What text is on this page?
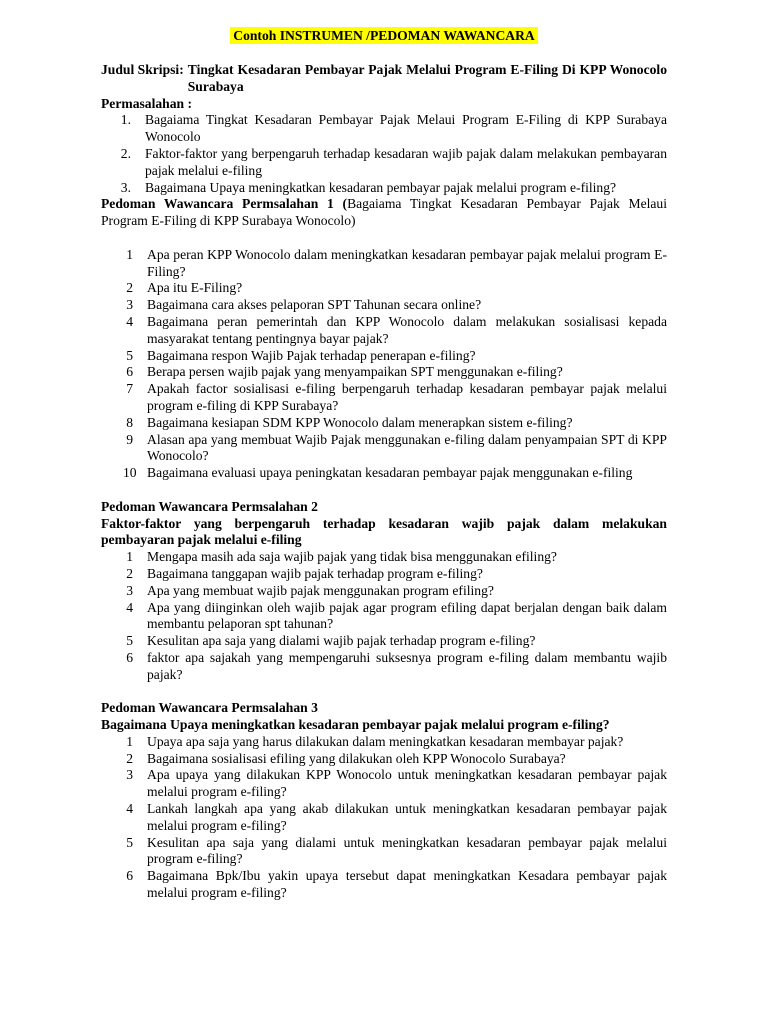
Contoh INSTRUMEN /PEDOMAN WAWANCARA
Judul Skripsi: Tingkat Kesadaran Pembayar Pajak Melalui Program E-Filing Di KPP Wonocolo Surabaya
Permasalahan :
1.	Bagaiama Tingkat Kesadaran Pembayar Pajak Melaui Program E-Filing di KPP Surabaya Wonocolo
2.	Faktor-faktor yang berpengaruh terhadap kesadaran wajib pajak dalam melakukan pembayaran pajak melalui e-filing
3.	Bagaimana Upaya meningkatkan kesadaran pembayar pajak melalui program e-filing?
Pedoman Wawancara Permsalahan 1 (Bagaiama Tingkat Kesadaran Pembayar Pajak Melaui Program E-Filing di KPP Surabaya Wonocolo)
1	Apa peran KPP Wonocolo dalam meningkatkan kesadaran pembayar pajak melalui program E-Filing?
2	Apa itu E-Filing?
3	Bagaimana cara akses pelaporan SPT Tahunan secara online?
4	Bagaimana peran pemerintah dan KPP Wonocolo dalam melakukan sosialisasi kepada masyarakat tentang pentingnya bayar pajak?
5	Bagaimana respon Wajib Pajak terhadap penerapan e-filing?
6	Berapa persen wajib pajak yang menyampaikan SPT menggunakan e-filing?
7	Apakah factor sosialisasi e-filing berpengaruh terhadap kesadaran pembayar pajak melalui program e-filing di KPP Surabaya?
8	Bagaimana kesiapan SDM KPP Wonocolo dalam menerapkan sistem e-filing?
9	Alasan apa yang membuat Wajib Pajak menggunakan e-filing dalam penyampaian SPT di KPP Wonocolo?
10 Bagaimana evaluasi upaya peningkatan kesadaran pembayar pajak menggunakan e-filing
Pedoman Wawancara Permsalahan 2
Faktor-faktor yang berpengaruh terhadap kesadaran wajib pajak dalam melakukan pembayaran pajak melalui e-filing
1	Mengapa masih ada saja wajib pajak yang tidak bisa menggunakan efiling?
2	Bagaimana tanggapan wajib pajak terhadap program e-filing?
3	Apa yang membuat wajib pajak menggunakan program efiling?
4	Apa yang diinginkan oleh wajib pajak agar program efiling dapat berjalan dengan baik dalam membantu pelaporan spt tahunan?
5	Kesulitan apa saja yang dialami wajib pajak terhadap program e-filing?
6	faktor apa sajakah yang mempengaruhi suksesnya program e-filing dalam membantu wajib pajak?
Pedoman Wawancara Permsalahan 3
Bagaimana Upaya meningkatkan kesadaran pembayar pajak melalui program e-filing?
1	Upaya apa saja yang harus dilakukan dalam meningkatkan kesadaran membayar pajak?
2	Bagaimana sosialisasi efiling yang dilakukan oleh KPP Wonocolo Surabaya?
3	Apa upaya yang dilakukan KPP Wonocolo untuk meningkatkan kesadaran pembayar pajak melalui program e-filing?
4	Lankah langkah apa yang akab dilakukan untuk meningkatkan kesadaran pembayar pajak melalui program e-filing?
5	Kesulitan apa saja yang dialami untuk meningkatkan kesadaran pembayar pajak melalui program e-filing?
6	Bagaimana Bpk/Ibu yakin upaya tersebut dapat meningkatkan Kesadara pembayar pajak melalui program e-filing?
